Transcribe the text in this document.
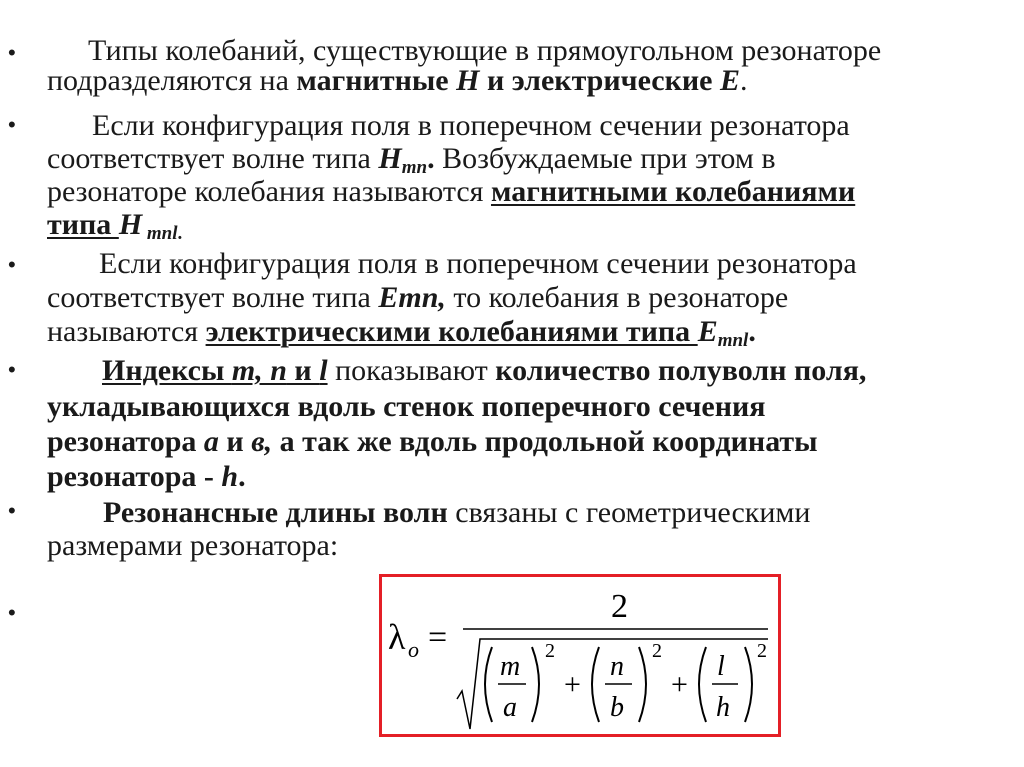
•
•
•
•
•
•
Типы колебаний, существующие в прямоугольном резонаторе
подразделяются на магнитные H и электрические E.
Если конфигурация поля в поперечном сечении резонатора
соответствует волне типа $H_{mn}$. Возбуждаемые при этом в
резонаторе колебания называются магнитными колебаниями
типа H $_{mnl.}$
Если конфигурация поля в поперечном сечении резонатора
соответствует волне типа Emn, то колебания в резонаторе
называются электрическими колебаниями типа $E_{mnl}$.
Индексы m, n и l показывают количество полуволн поля,
укладывающихся вдоль стенок поперечного сечения
резонатора a и в, а так же вдоль продольной координаты
резонатора - h.
Резонансные длины волн связаны с геометрическими
размерами резонатора:
λ o =
2
m
a
2
+
n
b
2
+
l
h
2
